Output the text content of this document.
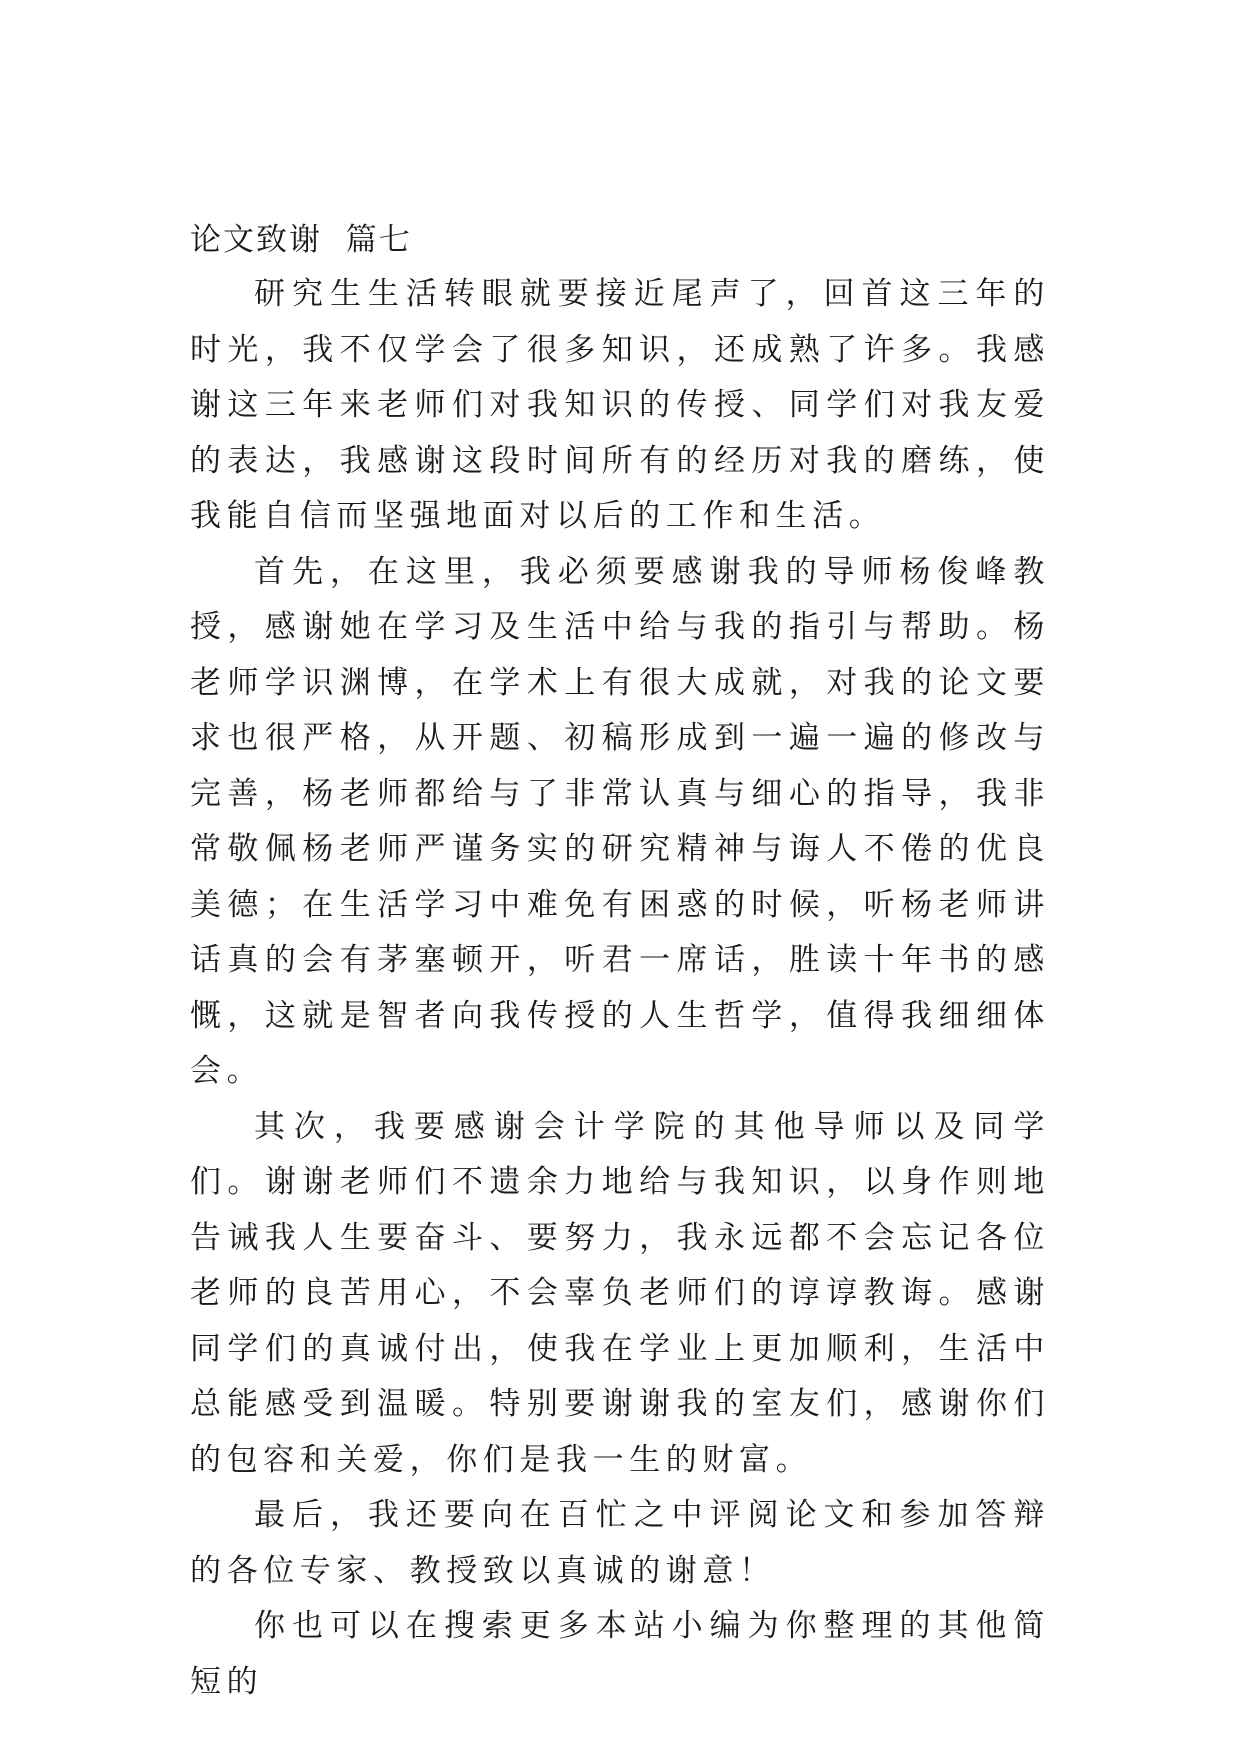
论文致谢  篇七

研究生生活转眼就要接近尾声了，回首这三年的时光，我不仅学会了很多知识，还成熟了许多。我感谢这三年来老师们对我知识的传授、同学们对我友爱的表达，我感谢这段时间所有的经历对我的磨练，使我能自信而坚强地面对以后的工作和生活。

首先，在这里，我必须要感谢我的导师杨俊峰教授，感谢她在学习及生活中给与我的指引与帮助。杨老师学识渊博，在学术上有很大成就，对我的论文要求也很严格，从开题、初稿形成到一遍一遍的修改与完善，杨老师都给与了非常认真与细心的指导，我非常敬佩杨老师严谨务实的研究精神与诲人不倦的优良美德；在生活学习中难免有困惑的时候，听杨老师讲话真的会有茅塞顿开，听君一席话，胜读十年书的感慨，这就是智者向我传授的人生哲学，值得我细细体会。

其次，我要感谢会计学院的其他导师以及同学们。谢谢老师们不遗余力地给与我知识，以身作则地告诫我人生要奋斗、要努力，我永远都不会忘记各位老师的良苦用心，不会辜负老师们的谆谆教诲。感谢同学们的真诚付出，使我在学业上更加顺利，生活中总能感受到温暖。特别要谢谢我的室友们，感谢你们的包容和关爱，你们是我一生的财富。

最后，我还要向在百忙之中评阅论文和参加答辩的各位专家、教授致以真诚的谢意！

你也可以在搜索更多本站小编为你整理的其他简短的
